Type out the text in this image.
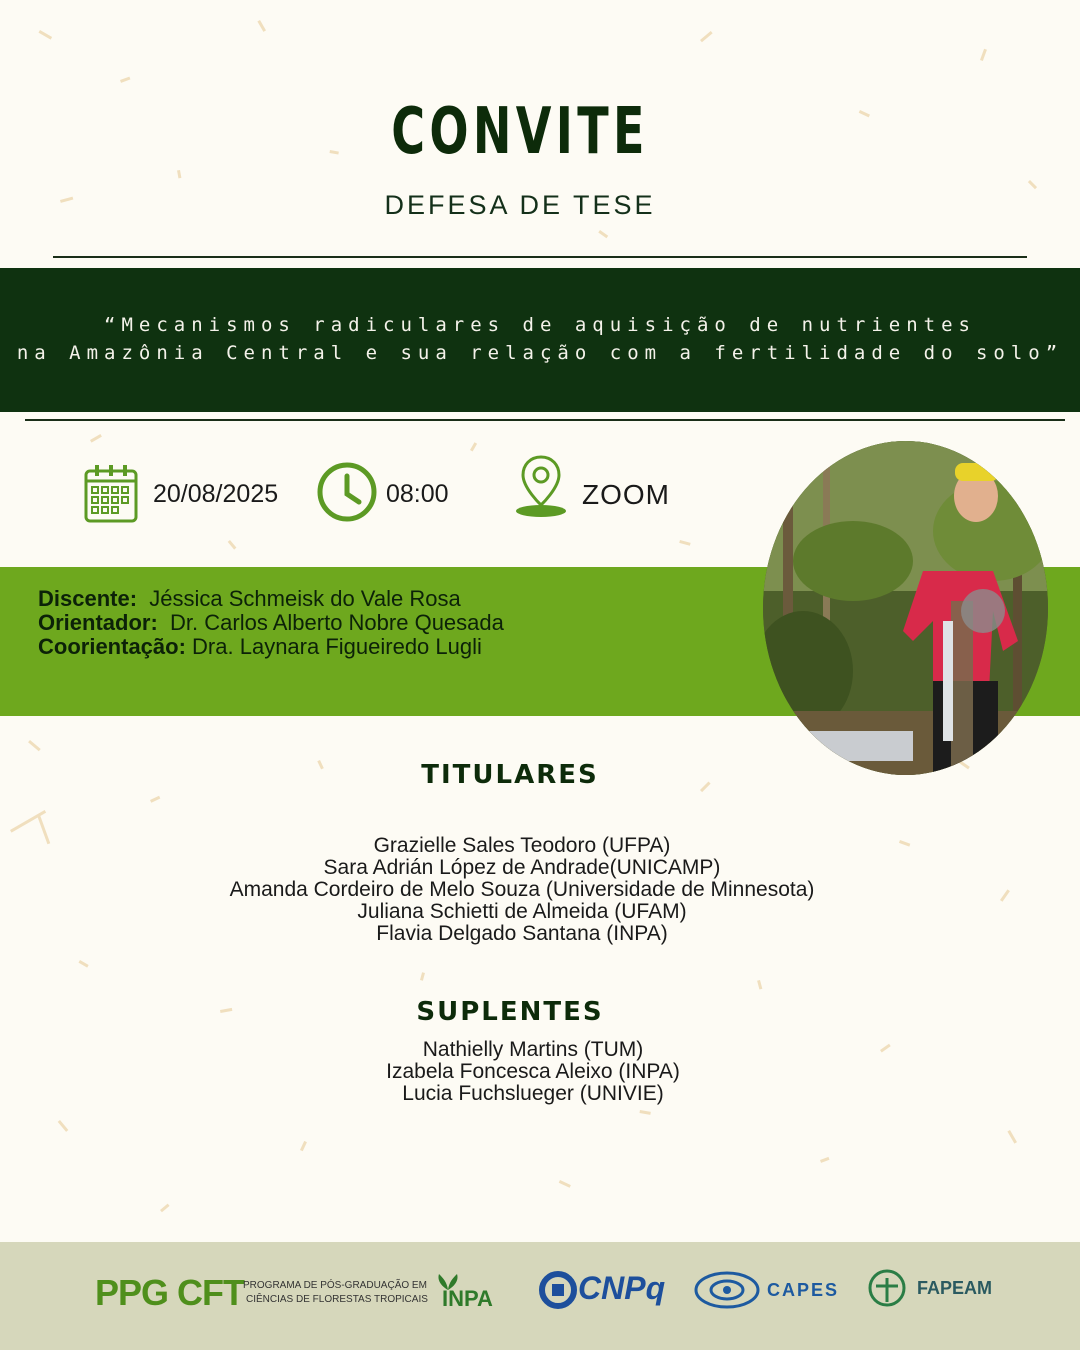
CONVITE
DEFESA DE TESE
“Mecanismos radiculares de aquisição de nutrientes
na Amazônia Central e sua relação com a fertilidade do solo”
20/08/2025	08:00	ZOOM
Discente: Jéssica Schmeisk do Vale Rosa
Orientador: Dr. Carlos Alberto Nobre Quesada
Coorientação: Dra. Laynara Figueiredo Lugli
TITULARES
Grazielle Sales Teodoro (UFPA)
Sara Adrián López de Andrade(UNICAMP)
Amanda Cordeiro de Melo Souza (Universidade de Minnesota)
Juliana Schietti de Almeida (UFAM)
Flavia Delgado Santana (INPA)
SUPLENTES
Nathielly Martins (TUM)
Izabela Foncesca Aleixo (INPA)
Lucia Fuchslueger (UNIVIE)
PPG CFT
PROGRAMA DE PÓS-GRADUAÇÃO EM
CIÊNCIAS DE FLORESTAS TROPICAIS INPA	CNPq	CAPES	FAPEAM
